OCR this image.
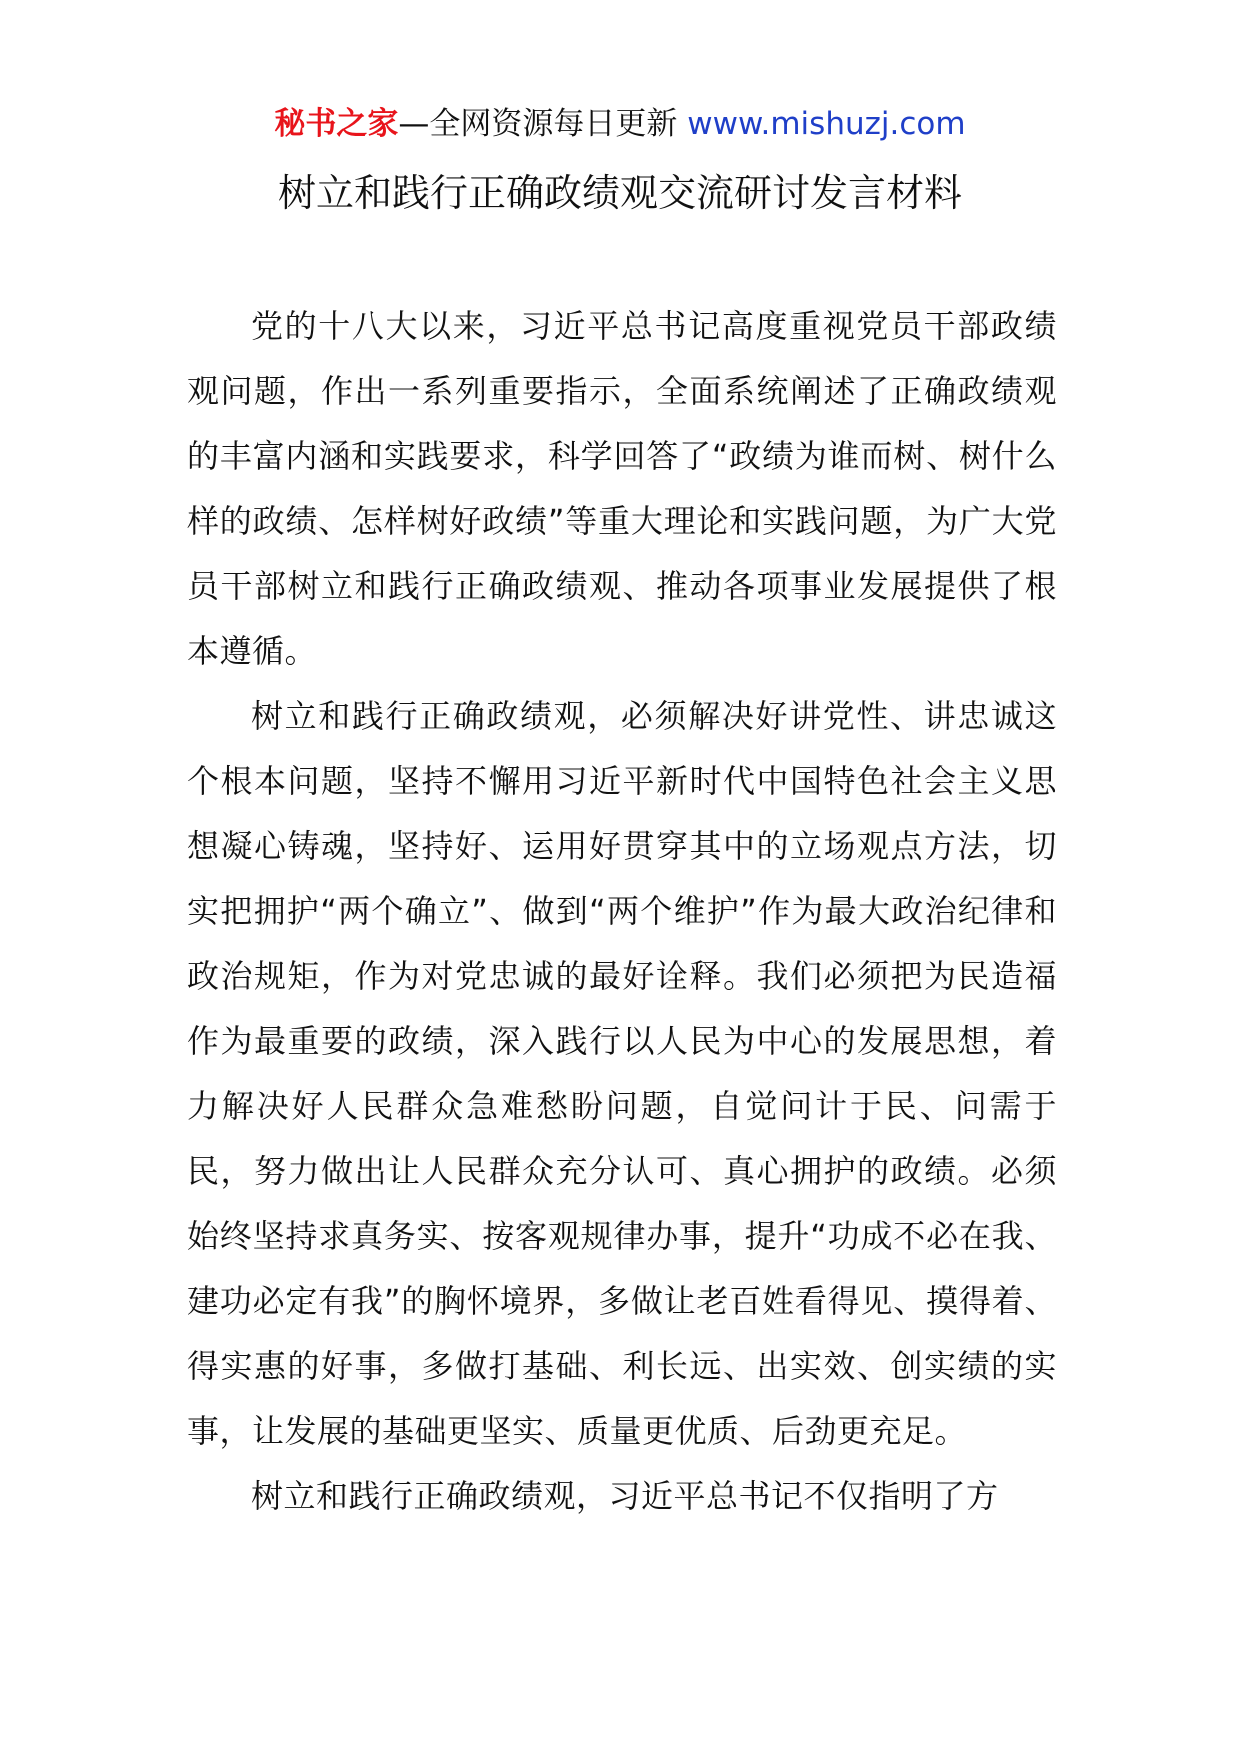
秘书之家—全网资源每日更新 www.mishuzj.com
树立和践行正确政绩观交流研讨发言材料

党的十八大以来，习近平总书记高度重视党员干部政绩观问题，作出一系列重要指示，全面系统阐述了正确政绩观的丰富内涵和实践要求，科学回答了“政绩为谁而树、树什么样的政绩、怎样树好政绩”等重大理论和实践问题，为广大党员干部树立和践行正确政绩观、推动各项事业发展提供了根本遵循。

树立和践行正确政绩观，必须解决好讲党性、讲忠诚这个根本问题，坚持不懈用习近平新时代中国特色社会主义思想凝心铸魂，坚持好、运用好贯穿其中的立场观点方法，切实把拥护“两个确立”、做到“两个维护”作为最大政治纪律和政治规矩，作为对党忠诚的最好诠释。我们必须把为民造福作为最重要的政绩，深入践行以人民为中心的发展思想，着力解决好人民群众急难愁盼问题，自觉问计于民、问需于民，努力做出让人民群众充分认可、真心拥护的政绩。必须始终坚持求真务实、按客观规律办事，提升“功成不必在我、建功必定有我”的胸怀境界，多做让老百姓看得见、摸得着、得实惠的好事，多做打基础、利长远、出实效、创实绩的实事，让发展的基础更坚实、质量更优质、后劲更充足。

树立和践行正确政绩观，习近平总书记不仅指明了方
